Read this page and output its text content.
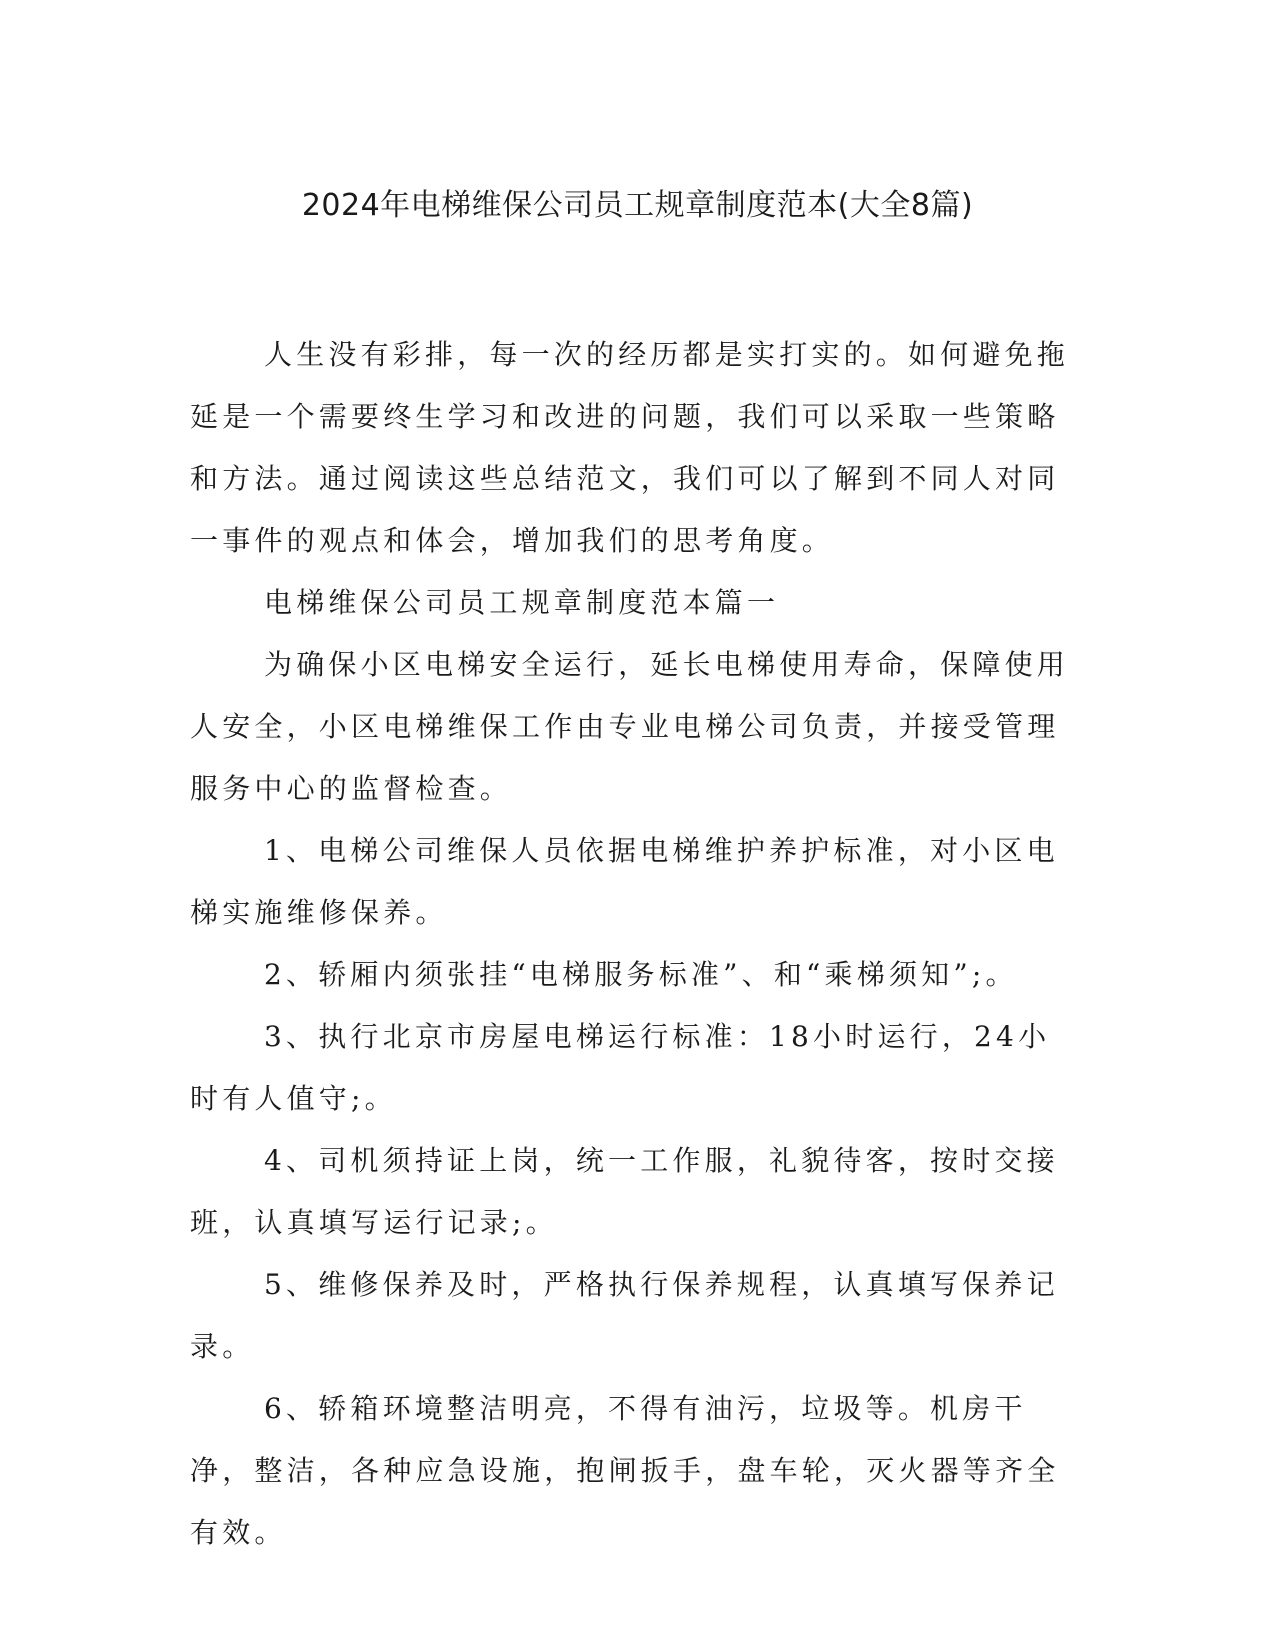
2024年电梯维保公司员工规章制度范本(大全8篇)

人生没有彩排，每一次的经历都是实打实的。如何避免拖延是一个需要终生学习和改进的问题，我们可以采取一些策略和方法。通过阅读这些总结范文，我们可以了解到不同人对同一事件的观点和体会，增加我们的思考角度。

电梯维保公司员工规章制度范本篇一

为确保小区电梯安全运行，延长电梯使用寿命，保障使用人安全，小区电梯维保工作由专业电梯公司负责，并接受管理服务中心的监督检查。

1、电梯公司维保人员依据电梯维护养护标准，对小区电梯实施维修保养。

2、轿厢内须张挂“电梯服务标准”、和“乘梯须知”;。

3、执行北京市房屋电梯运行标准：18小时运行，24小时有人值守;。

4、司机须持证上岗，统一工作服，礼貌待客，按时交接班，认真填写运行记录;。

5、维修保养及时，严格执行保养规程，认真填写保养记录。

6、轿箱环境整洁明亮，不得有油污，垃圾等。机房干净，整洁，各种应急设施，抱闸扳手，盘车轮，灭火器等齐全有效。
